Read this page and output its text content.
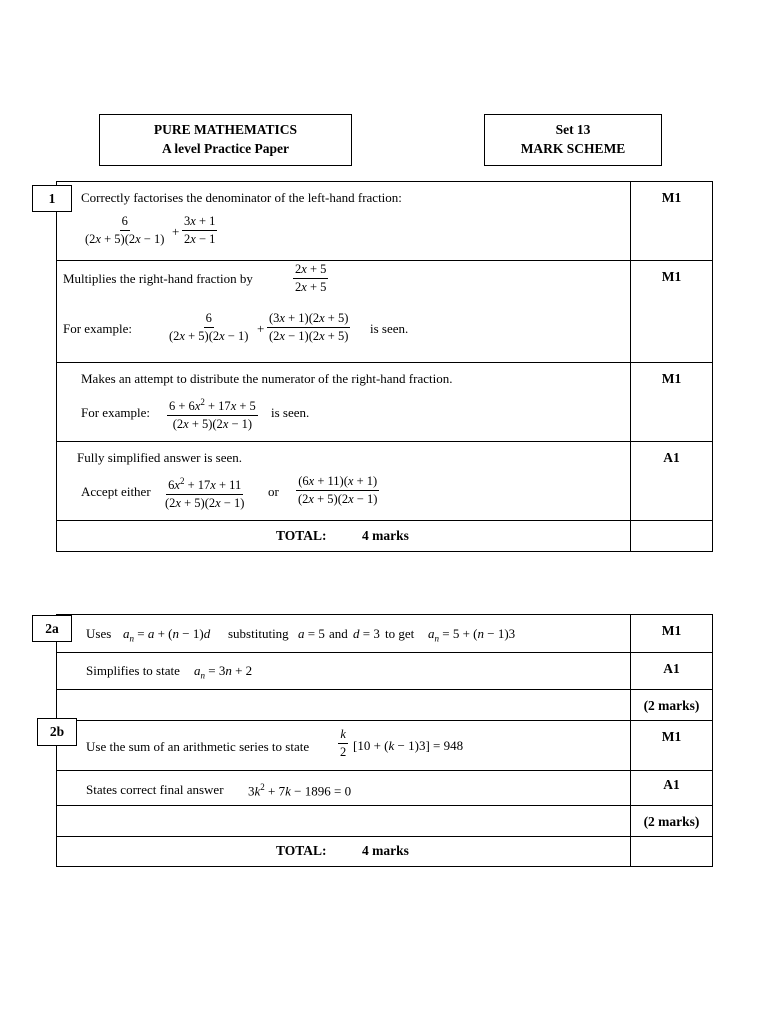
PURE MATHEMATICS
A level Practice Paper
Set 13
MARK SCHEME
Correctly factorises the denominator of the left-hand fraction:
$\frac{6}{(2x + 5)(2x - 1)} + \frac{3x + 1}{2x - 1}$
M1
Multiplies the right-hand fraction by	$\frac{2x + 5}{2x + 5}$
For example:	$\frac{6}{(2x + 5)(2x - 1)} + \frac{(3x + 1)(2x + 5)}{(2x - 1)(2x + 5)}$ is seen.
M1
Makes an attempt to distribute the numerator of the right-hand fraction.
For example: $\frac{6 + 6x^2 + 17x + 5}{(2x + 5)(2x - 1)}$ is seen.
M1
Fully simplified answer is seen.
Accept either $\frac{6x^2 + 17x + 11}{(2x + 5)(2x - 1)}$ or $\frac{(6x + 11)(x + 1)}{(2x + 5)(2x - 1)}$
A1
TOTAL:	4 marks
1
Uses $a_n = a + (n - 1)d$ substituting a = 5 and d = 3 to get $a_n = 5 + (n - 1)3$	M1
Simplifies to state $a_n = 3n + 2$	A1
(2 marks)
Use the sum of an arithmetic series to state $\frac{k}{2} [10 + (k - 1)3] = 948$
M1
States correct final answer $3k^2 + 7k - 1896 = 0$	A1
(2 marks)
TOTAL:	4 marks
2a
2b
